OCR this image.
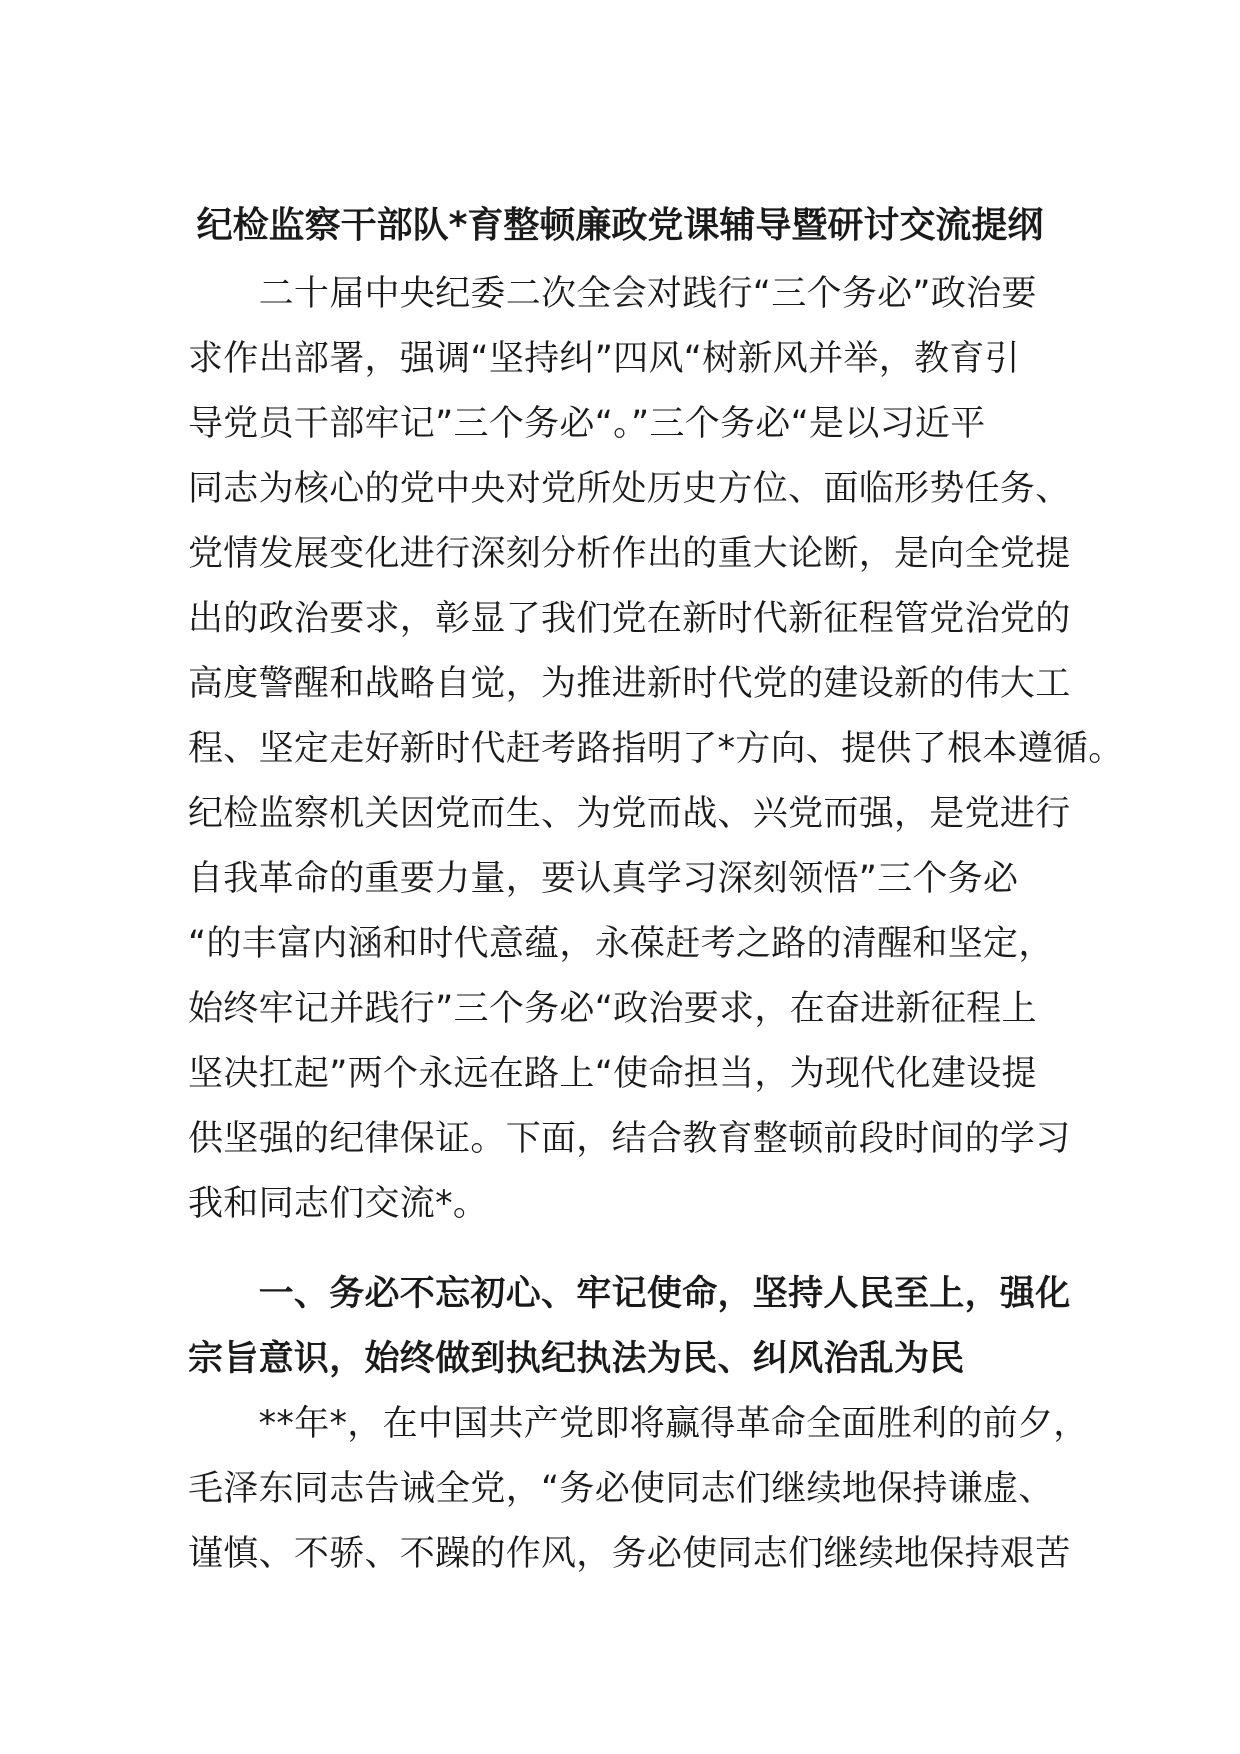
纪检监察干部队*育整顿廉政党课辅导暨研讨交流提纲
　　二十届中央纪委二次全会对践行“三个务必”政治要
求作出部署，强调“坚持纠”四风“树新风并举，教育引
导党员干部牢记”三个务必“。”三个务必“是以习近平
同志为核心的党中央对党所处历史方位、面临形势任务、
党情发展变化进行深刻分析作出的重大论断，是向全党提
出的政治要求，彰显了我们党在新时代新征程管党治党的
高度警醒和战略自觉，为推进新时代党的建设新的伟大工
程、坚定走好新时代赶考路指明了*方向、提供了根本遵循。
纪检监察机关因党而生、为党而战、兴党而强，是党进行
自我革命的重要力量，要认真学习深刻领悟”三个务必
“的丰富内涵和时代意蕴，永葆赶考之路的清醒和坚定，
始终牢记并践行”三个务必“政治要求，在奋进新征程上
坚决扛起”两个永远在路上“使命担当，为现代化建设提
供坚强的纪律保证。下面，结合教育整顿前段时间的学习
我和同志们交流*。
　　一、务必不忘初心、牢记使命，坚持人民至上，强化
宗旨意识，始终做到执纪执法为民、纠风治乱为民
　　**年*，在中国共产党即将赢得革命全面胜利的前夕，
毛泽东同志告诫全党，“务必使同志们继续地保持谦虚、
谨慎、不骄、不躁的作风，务必使同志们继续地保持艰苦
